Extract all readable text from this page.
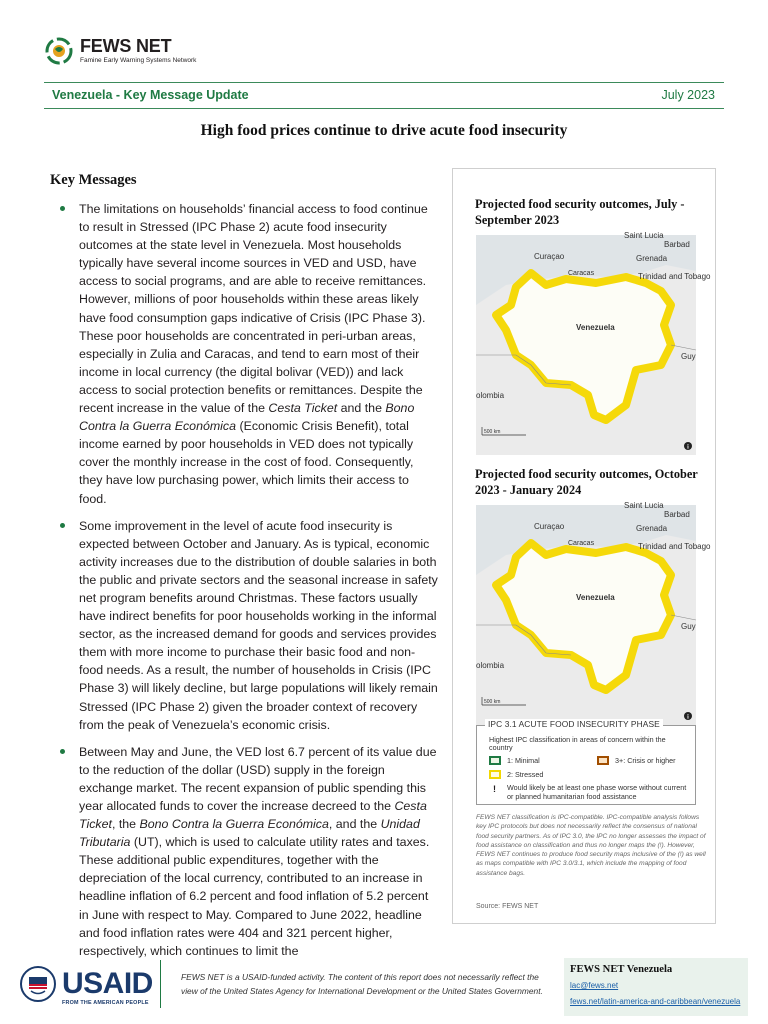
FEWS NET
Famine Early Warning Systems Network
Venezuela - Key Message Update	July 2023
High food prices continue to drive acute food insecurity
Key Messages
The limitations on households’ financial access to food continue to result in Stressed (IPC Phase 2) acute food insecurity outcomes at the state level in Venezuela. Most households typically have several income sources in VED and USD, have access to social programs, and are able to receive remittances. However, millions of poor households within these areas likely have food consumption gaps indicative of Crisis (IPC Phase 3). These poor households are concentrated in peri-urban areas, especially in Zulia and Caracas, and tend to earn most of their income in local currency (the digital bolivar (VED)) and lack access to social protection benefits or remittances. Despite the recent increase in the value of the Cesta Ticket and the Bono Contra la Guerra Económica (Economic Crisis Benefit), total income earned by poor households in VED does not typically cover the monthly increase in the cost of food. Consequently, they have low purchasing power, which limits their access to food.
Some improvement in the level of acute food insecurity is expected between October and January. As is typical, economic activity increases due to the distribution of double salaries in both the public and private sectors and the seasonal increase in safety net program benefits around Christmas. These factors usually have indirect benefits for poor households working in the informal sector, as the increased demand for goods and services provides them with more income to purchase their basic food and non-food needs. As a result, the number of households in Crisis (IPC Phase 3) will likely decline, but large populations will likely remain Stressed (IPC Phase 2) given the broader context of recovery from the peak of Venezuela’s economic crisis.
Between May and June, the VED lost 6.7 percent of its value due to the reduction of the dollar (USD) supply in the foreign exchange market. The recent expansion of public spending this year allocated funds to cover the increase decreed to the Cesta Ticket, the Bono Contra la Guerra Económica, and the Unidad Tributaria (UT), which is used to calculate utility rates and taxes. These additional public expenditures, together with the depreciation of the local currency, contributed to an increase in headline inflation of 6.2 percent and food inflation of 5.2 percent in June with respect to May. Compared to June 2022, headline and food inflation rates were 404 and 321 percent higher, respectively, which continues to limit the
Projected food security outcomes, July - September 2023
Saint Lucia
Barbad
Curaçao	Grenada
Caracas	Trinidad and Tobago
Venezuela
Guy
olombia
500 km
i
Projected food security outcomes, October 2023 - January 2024
Saint Lucia
Barbad
Curaçao	Grenada
Caracas	Trinidad and Tobago
Venezuela
Guy
olombia
500 km
i
IPC 3.1 ACUTE FOOD INSECURITY PHASE
Highest IPC classification in areas of concern within the country
1: Minimal	3+: Crisis or higher
2: Stressed
! Would likely be at least one phase worse without current or planned humanitarian food assistance
FEWS NET classification is IPC-compatible. IPC-compatible analysis follows key IPC protocols but does not necessarily reflect the consensus of national food security partners. As of IPC 3.0, the IPC no longer assesses the impact of food assistance on classification and thus no longer maps the (!). However, FEWS NET continues to produce food security maps inclusive of the (!) as well as maps compatible with IPC 3.0/3.1, which include the mapping of food assistance bags.
Source: FEWS NET
USAID
FROM THE AMERICAN PEOPLE
FEWS NET is a USAID-funded activity. The content of this report does not necessarily reflect the view of the United States Agency for International Development or the United States Government.
FEWS NET Venezuela
lac@fews.net
fews.net/latin-america-and-caribbean/venezuela
